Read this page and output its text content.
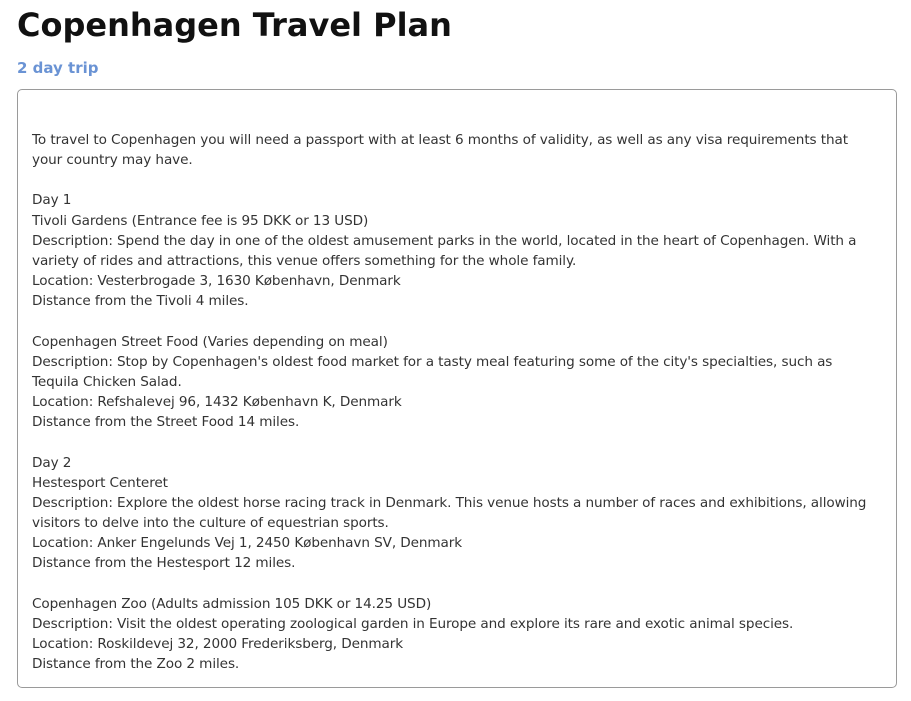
Copenhagen Travel Plan
2 day trip

To travel to Copenhagen you will need a passport with at least 6 months of validity, as well as any visa requirements that your country may have.

Day 1
Tivoli Gardens (Entrance fee is 95 DKK or 13 USD)
Description: Spend the day in one of the oldest amusement parks in the world, located in the heart of Copenhagen. With a variety of rides and attractions, this venue offers something for the whole family.
Location: Vesterbrogade 3, 1630 København, Denmark
Distance from the Tivoli 4 miles.

Copenhagen Street Food (Varies depending on meal)
Description: Stop by Copenhagen's oldest food market for a tasty meal featuring some of the city's specialties, such as Tequila Chicken Salad.
Location: Refshalevej 96, 1432 København K, Denmark
Distance from the Street Food 14 miles.

Day 2
Hestesport Centeret
Description: Explore the oldest horse racing track in Denmark. This venue hosts a number of races and exhibitions, allowing visitors to delve into the culture of equestrian sports.
Location: Anker Engelunds Vej 1, 2450 København SV, Denmark
Distance from the Hestesport 12 miles.

Copenhagen Zoo (Adults admission 105 DKK or 14.25 USD)
Description: Visit the oldest operating zoological garden in Europe and explore its rare and exotic animal species.
Location: Roskildevej 32, 2000 Frederiksberg, Denmark
Distance from the Zoo 2 miles.
